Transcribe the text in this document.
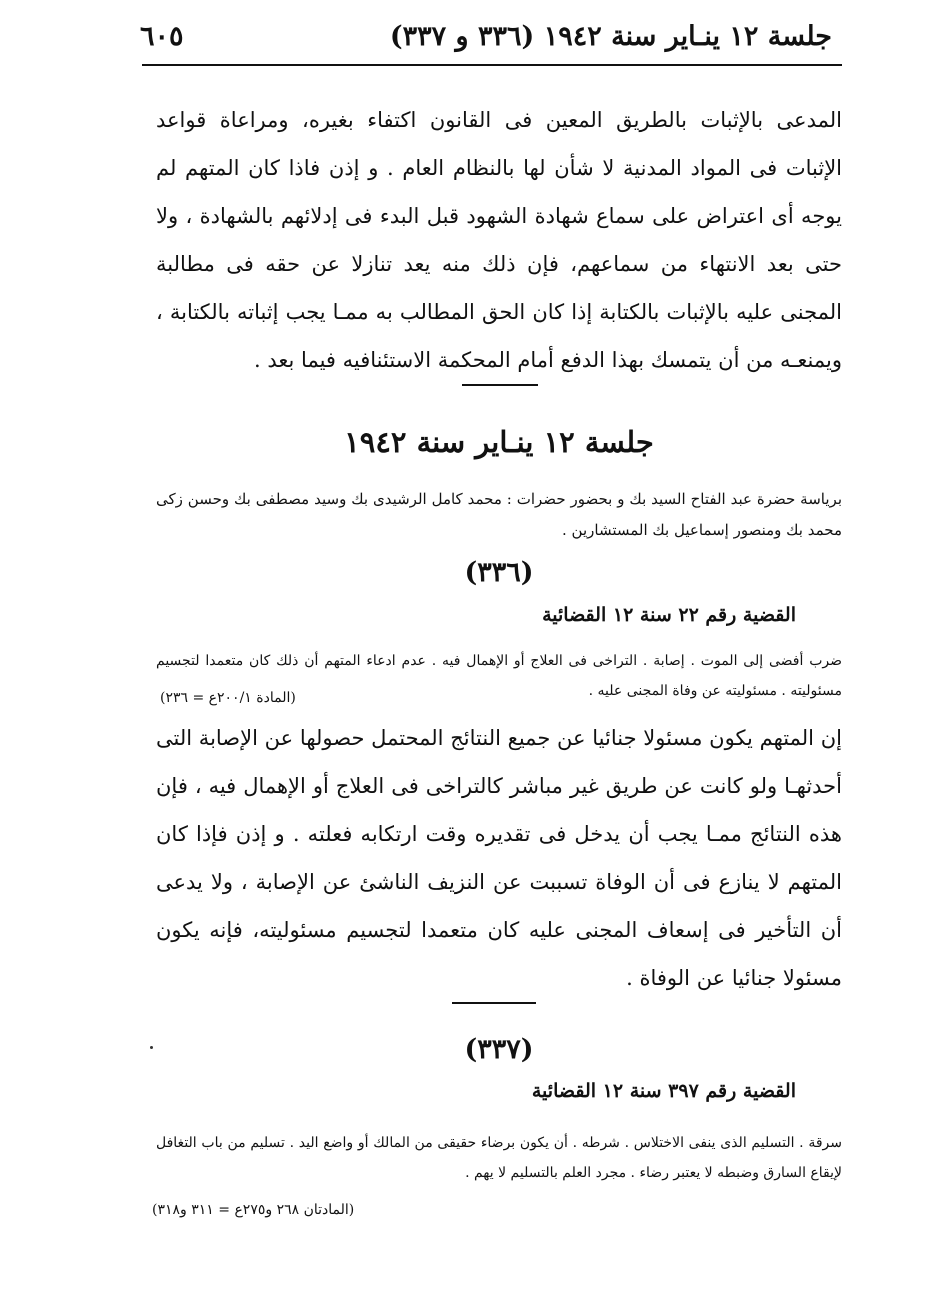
جلسة ١٢ ينـاير سنة ١٩٤٢ (٣٣٦ و ٣٣٧)
٦٠٥

المدعى بالإثبات بالطريق المعين فى القانون اكتفاء بغيره، ومراعاة قواعد الإثبات فى المواد المدنية لا شأن لها بالنظام العام . و إذن فاذا كان المتهم لم يوجه أى اعتراض على سماع شهادة الشهود قبل البدء فى إدلائهم بالشهادة ، ولا حتى بعد الانتهاء من سماعهم، فإن ذلك منه يعد تنازلا عن حقه فى مطالبة المجنى عليه بالإثبات بالكتابة إذا كان الحق المطالب به ممـا يجب إثباته بالكتابة ، ويمنعـه من أن يتمسك بهذا الدفع أمام المحكمة الاستئنافيه فيما بعد .

جلسة ١٢ ينـاير سنة ١٩٤٢

برياسة حضرة عبد الفتاح السيد بك و بحضور حضرات : محمد كامل الرشيدى بك وسيد مصطفى بك وحسن زكى محمد بك ومنصور إسماعيل بك المستشارين .

(٣٣٦)
القضية رقم ٢٢ سنة ١٢ القضائية

ضرب أفضى إلى الموت . إصابة . التراخى فى العلاج أو الإهمال فيه . عدم ادعاء المتهم أن ذلك كان متعمدا لتجسيم مسئوليته . مسئوليته عن وفاة المجنى عليه .

(المادة ٢٠٠/١ع = ٢٣٦)

إن المتهم يكون مسئولا جنائيا عن جميع النتائج المحتمل حصولها عن الإصابة التى أحدثهـا ولو كانت عن طريق غير مباشر كالتراخى فى العلاج أو الإهمال فيه ، فإن هذه النتائج ممـا يجب أن يدخل فى تقديره وقت ارتكابه فعلته . و إذن فإذا كان المتهم لا ينازع فى أن الوفاة تسببت عن النزيف الناشئ عن الإصابة ، ولا يدعى أن التأخير فى إسعاف المجنى عليه كان متعمدا لتجسيم مسئوليته، فإنه يكون مسئولا جنائيا عن الوفاة .

(٣٣٧)
القضية رقم ٣٩٧ سنة ١٢ القضائية

سرقة . التسليم الذى ينفى الاختلاس . شرطه . أن يكون برضاء حقيقى من المالك أو واضع اليد . تسليم من باب التغافل لإيقاع السارق وضبطه لا يعتبر رضاء . مجرد العلم بالتسليم لا يهم .

(المادتان ٢٦٨ و٢٧٥ع = ٣١١ و٣١٨)
